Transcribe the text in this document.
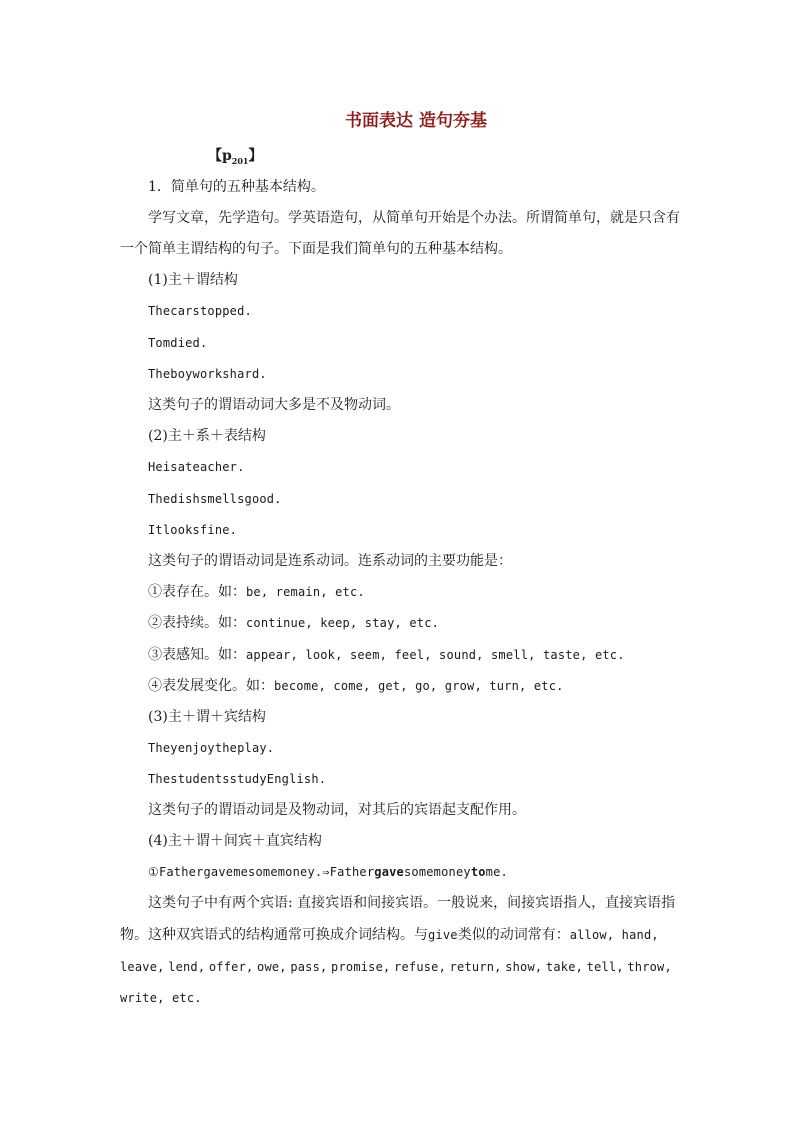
书面表达 造句夯基
【$p_{201}$】
1．简单句的五种基本结构。
学写文章，先学造句。学英语造句，从简单句开始是个办法。所谓简单句，就是只含有
一个简单主谓结构的句子。下面是我们简单句的五种基本结构。
(1)主＋谓结构
Thecarstopped.
Tomdied.
Theboyworkshard.
这类句子的谓语动词大多是不及物动词。
(2)主＋系＋表结构
Heisateacher.
Thedishsmellsgood.
Itlooksfine.
这类句子的谓语动词是连系动词。连系动词的主要功能是：
①表存在。如：be, remain, etc.
②表持续。如：continue, keep, stay, etc.
③表感知。如：appear, look, seem, feel, sound, smell, taste, etc.
④表发展变化。如：become, come, get, go, grow, turn, etc.
(3)主＋谓＋宾结构
Theyenjoytheplay.
ThestudentsstudyEnglish.
这类句子的谓语动词是及物动词，对其后的宾语起支配作用。
(4)主＋谓＋间宾＋直宾结构
①Fathergavemesomemoney.⇒Fathergavesomemoneytome.
这类句子中有两个宾语: 直接宾语和间接宾语。一般说来，间接宾语指人，直接宾语指
物。这种双宾语式的结构通常可换成介词结构。与give类似的动词常有：allow, hand,
leave, lend, offer, owe, pass, promise, refuse, return, show, take, tell, throw,
write, etc.
